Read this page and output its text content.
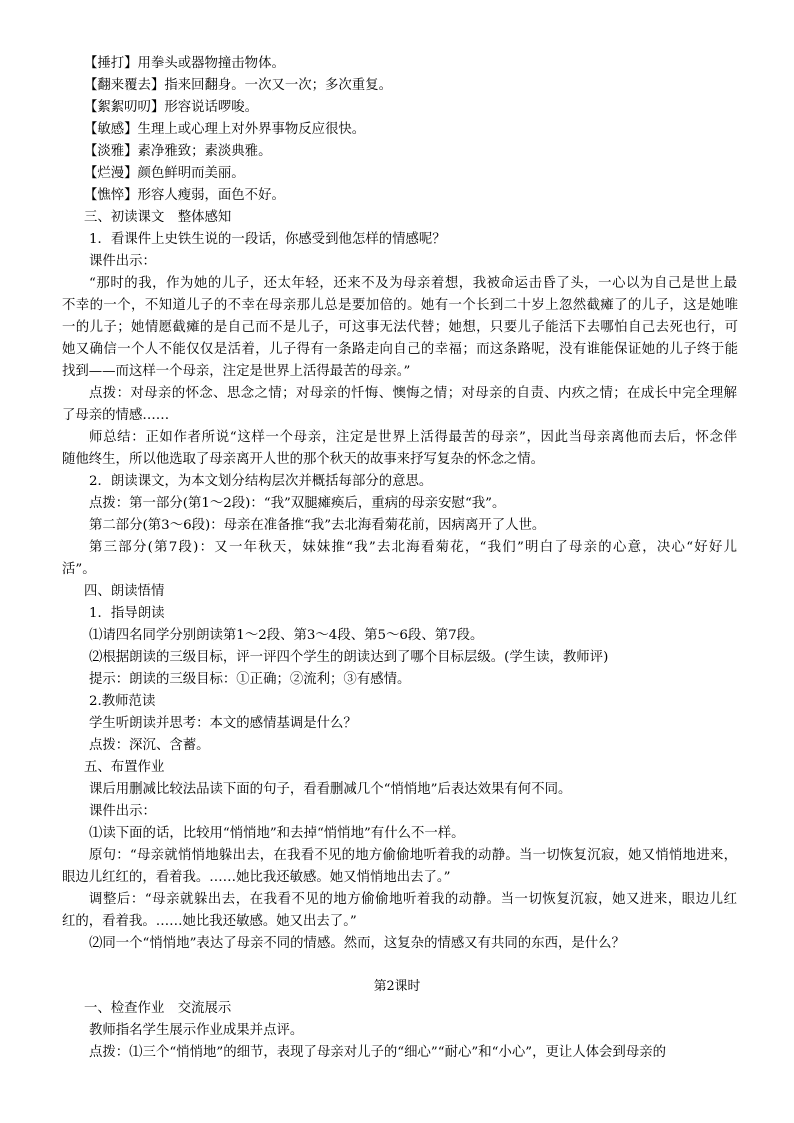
【捶打】用拳头或器物撞击物体。
【翻来覆去】指来回翻身。一次又一次；多次重复。
【絮絮叨叨】形容说话啰唆。
【敏感】生理上或心理上对外界事物反应很快。
【淡雅】素净雅致；素淡典雅。
【烂漫】颜色鲜明而美丽。
【憔悴】形容人瘦弱，面色不好。
三、初读课文　整体感知
1．看课件上史铁生说的一段话，你感受到他怎样的情感呢？
课件出示：
“那时的我，作为她的儿子，还太年轻，还来不及为母亲着想，我被命运击昏了头，一心以为自己是世上最
不幸的一个，不知道儿子的不幸在母亲那儿总是要加倍的。她有一个长到二十岁上忽然截瘫了的儿子，这是她唯
一的儿子；她情愿截瘫的是自己而不是儿子，可这事无法代替；她想，只要儿子能活下去哪怕自己去死也行，可
她又确信一个人不能仅仅是活着，儿子得有一条路走向自己的幸福；而这条路呢，没有谁能保证她的儿子终于能
找到——而这样一个母亲，注定是世界上活得最苦的母亲。”
点拨：对母亲的怀念、思念之情；对母亲的忏悔、懊悔之情；对母亲的自责、内疚之情；在成长中完全理解
了母亲的情感……
师总结：正如作者所说“这样一个母亲，注定是世界上活得最苦的母亲”，因此当母亲离他而去后，怀念伴
随他终生，所以他选取了母亲离开人世的那个秋天的故事来抒写复杂的怀念之情。
2．朗读课文，为本文划分结构层次并概括每部分的意思。
点拨：第一部分(第1～2段)：“我”双腿瘫痪后，重病的母亲安慰“我”。
第二部分(第3～6段)：母亲在准备推“我”去北海看菊花前，因病离开了人世。
第三部分(第7段)：又一年秋天，妹妹推“我”去北海看菊花，“我们”明白了母亲的心意，决心“好好儿
活”。
四、朗读悟情
1．指导朗读
⑴请四名同学分别朗读第1～2段、第3～4段、第5～6段、第7段。
⑵根据朗读的三级目标，评一评四个学生的朗读达到了哪个目标层级。(学生读，教师评)
提示：朗读的三级目标：①正确；②流利；③有感情。
2.教师范读
学生听朗读并思考：本文的感情基调是什么？
点拨：深沉、含蓄。
五、布置作业
课后用删减比较法品读下面的句子，看看删减几个“悄悄地”后表达效果有何不同。
课件出示：
⑴读下面的话，比较用“悄悄地”和去掉“悄悄地”有什么不一样。
原句：“母亲就悄悄地躲出去，在我看不见的地方偷偷地听着我的动静。当一切恢复沉寂，她又悄悄地进来，
眼边儿红红的，看着我。……她比我还敏感。她又悄悄地出去了。”
调整后：“母亲就躲出去，在我看不见的地方偷偷地听着我的动静。当一切恢复沉寂，她又进来，眼边儿红
红的，看着我。……她比我还敏感。她又出去了。”
⑵同一个“悄悄地”表达了母亲不同的情感。然而，这复杂的情感又有共同的东西，是什么？
第2课时
一、检查作业　交流展示
教师指名学生展示作业成果并点评。
点拨：⑴三个“悄悄地”的细节，表现了母亲对儿子的“细心”“耐心”和“小心”，更让人体会到母亲的
